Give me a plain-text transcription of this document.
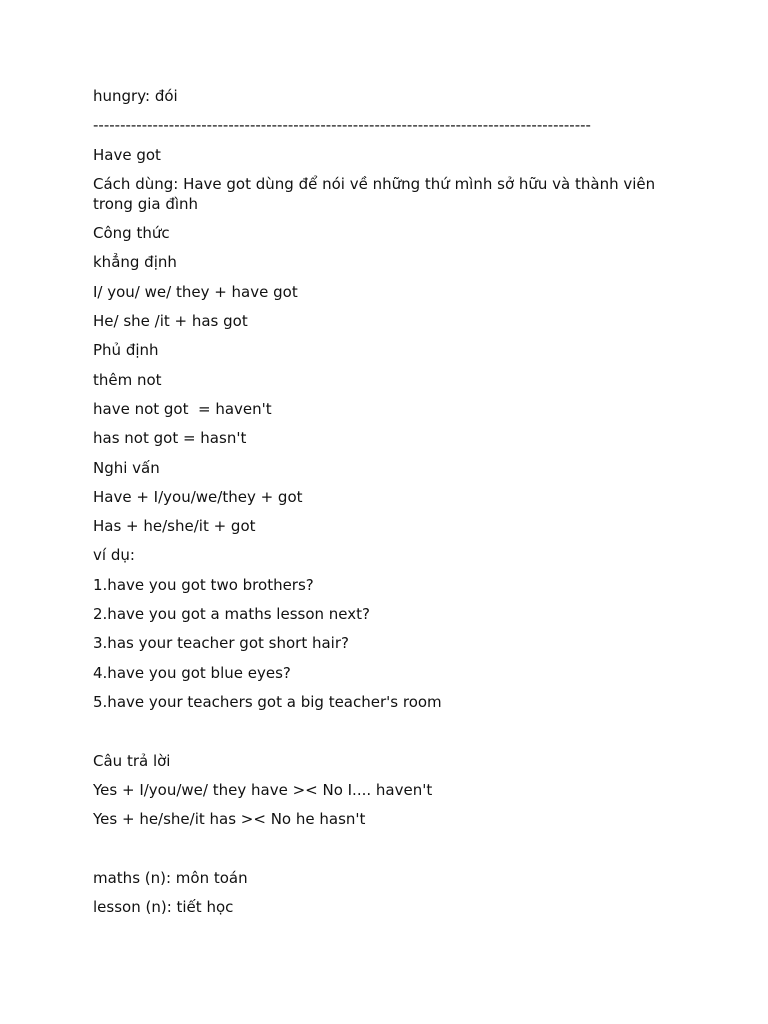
hungry: đói
--------------------------------------------------------------------------------------------
Have got
Cách dùng: Have got dùng để nói về những thứ mình sở hữu và thành viên trong gia đình
Công thức
khẳng định
I/ you/ we/ they + have got
He/ she /it + has got
Phủ định
thêm not
have not got  = haven't
has not got = hasn't
Nghi vấn
Have + I/you/we/they + got
Has + he/she/it + got
ví dụ:
1.have you got two brothers?
2.have you got a maths lesson next?
3.has your teacher got short hair?
4.have you got blue eyes?
5.have your teachers got a big teacher's room
Câu trả lời
Yes + I/you/we/ they have >< No I.... haven't
Yes + he/she/it has >< No he hasn't
maths (n): môn toán
lesson (n): tiết học
